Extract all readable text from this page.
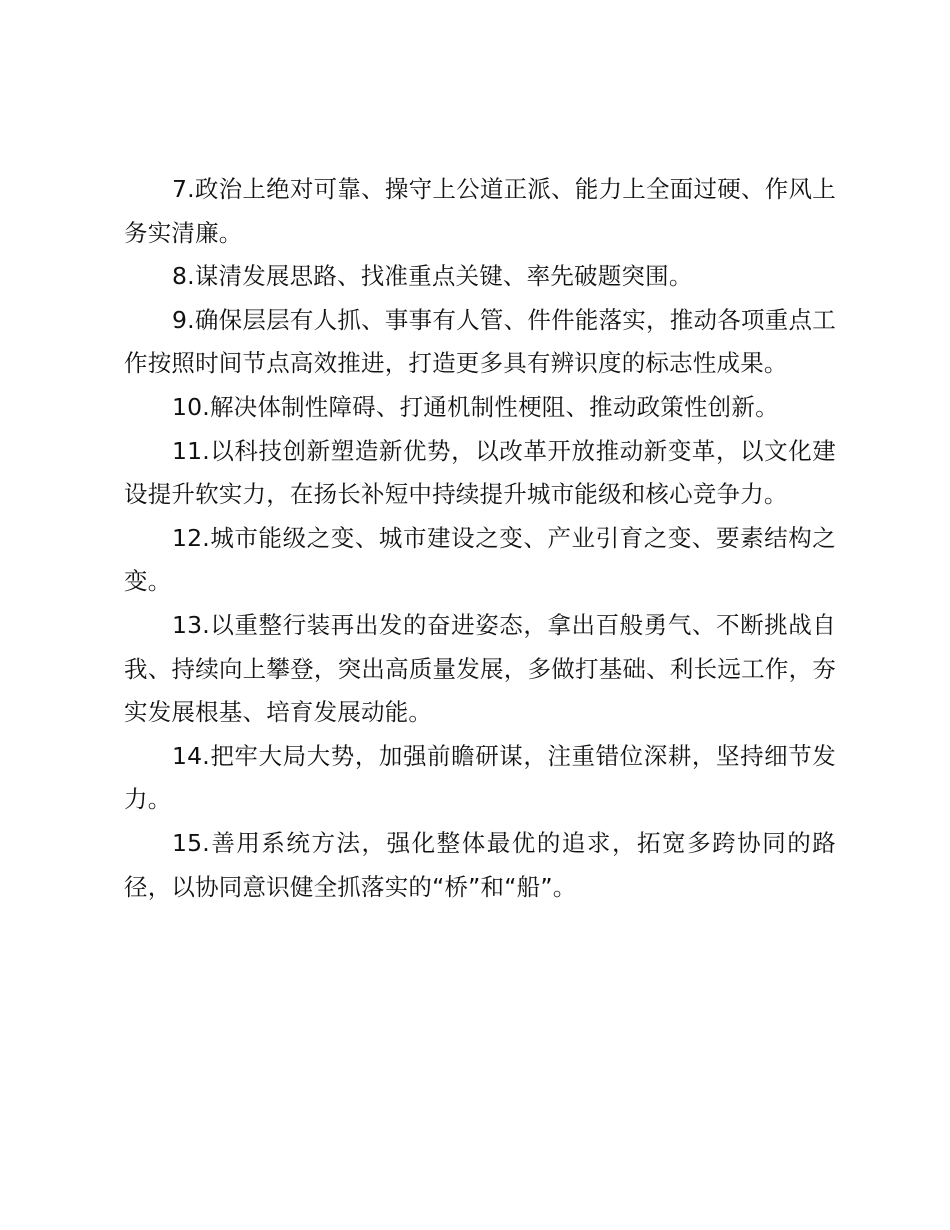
7.政治上绝对可靠、操守上公道正派、能力上全面过硬、作风上务实清廉。

8.谋清发展思路、找准重点关键、率先破题突围。

9.确保层层有人抓、事事有人管、件件能落实，推动各项重点工作按照时间节点高效推进，打造更多具有辨识度的标志性成果。

10.解决体制性障碍、打通机制性梗阻、推动政策性创新。

11.以科技创新塑造新优势，以改革开放推动新变革，以文化建设提升软实力，在扬长补短中持续提升城市能级和核心竞争力。

12.城市能级之变、城市建设之变、产业引育之变、要素结构之变。

13.以重整行装再出发的奋进姿态，拿出百般勇气、不断挑战自我、持续向上攀登，突出高质量发展，多做打基础、利长远工作，夯实发展根基、培育发展动能。

14.把牢大局大势，加强前瞻研谋，注重错位深耕，坚持细节发力。

15.善用系统方法，强化整体最优的追求，拓宽多跨协同的路径，以协同意识健全抓落实的“桥”和“船”。
